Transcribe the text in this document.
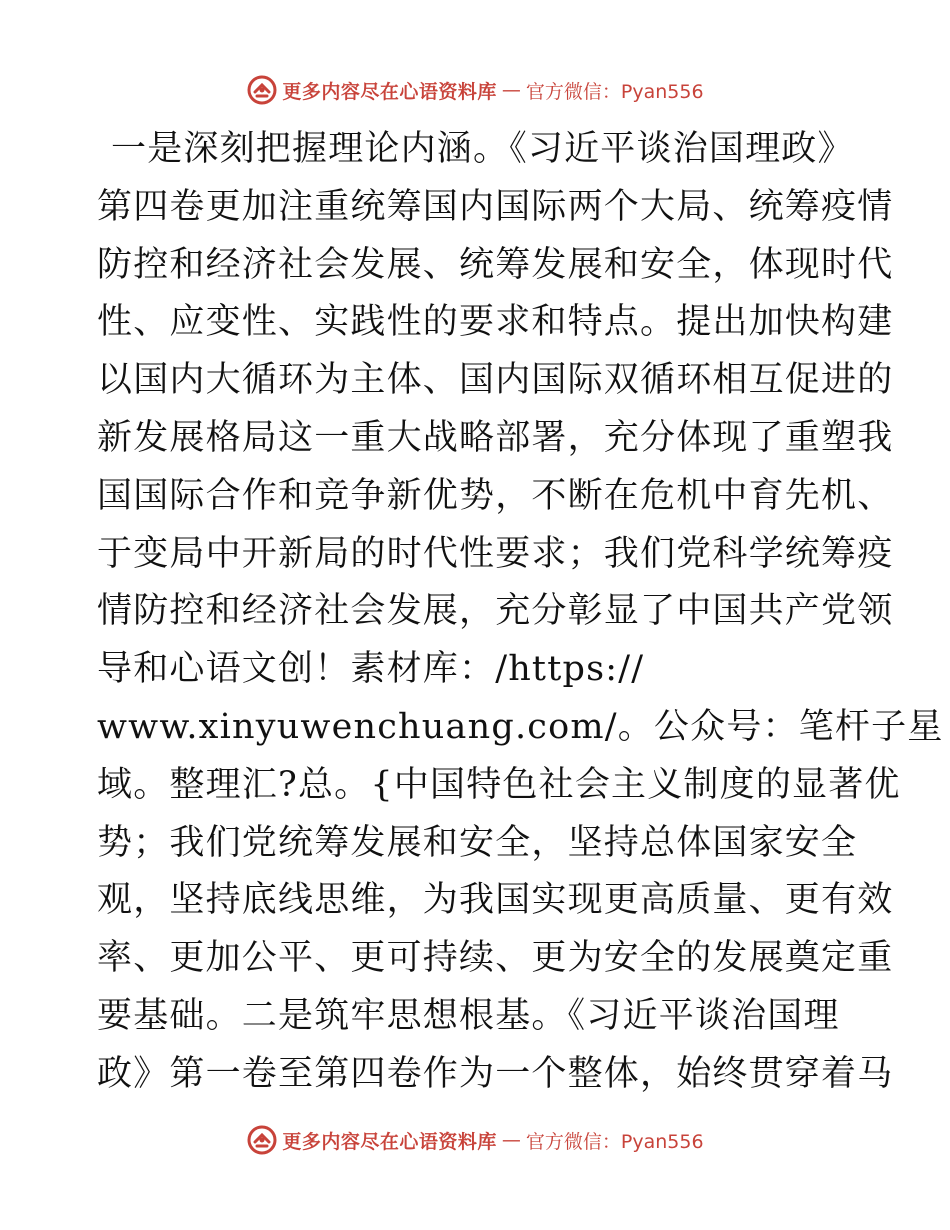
更多内容尽在心语资料库 — 官方微信：Pyan556
一是深刻把握理论内涵。《习近平谈治国理政》
第四卷更加注重统筹国内国际两个大局、统筹疫情
防控和经济社会发展、统筹发展和安全，体现时代
性、应变性、实践性的要求和特点。提出加快构建
以国内大循环为主体、国内国际双循环相互促进的
新发展格局这一重大战略部署，充分体现了重塑我
国国际合作和竞争新优势，不断在危机中育先机、
于变局中开新局的时代性要求；我们党科学统筹疫
情防控和经济社会发展，充分彰显了中国共产党领
导和心语文创！素材库：/https://
www.xinyuwenchuang.com/。公众号：笔杆子星
域。整理汇?总。{中国特色社会主义制度的显著优
势；我们党统筹发展和安全，坚持总体国家安全
观，坚持底线思维，为我国实现更高质量、更有效
率、更加公平、更可持续、更为安全的发展奠定重
要基础。二是筑牢思想根基。《习近平谈治国理
政》第一卷至第四卷作为一个整体，始终贯穿着马
更多内容尽在心语资料库 — 官方微信：Pyan556
